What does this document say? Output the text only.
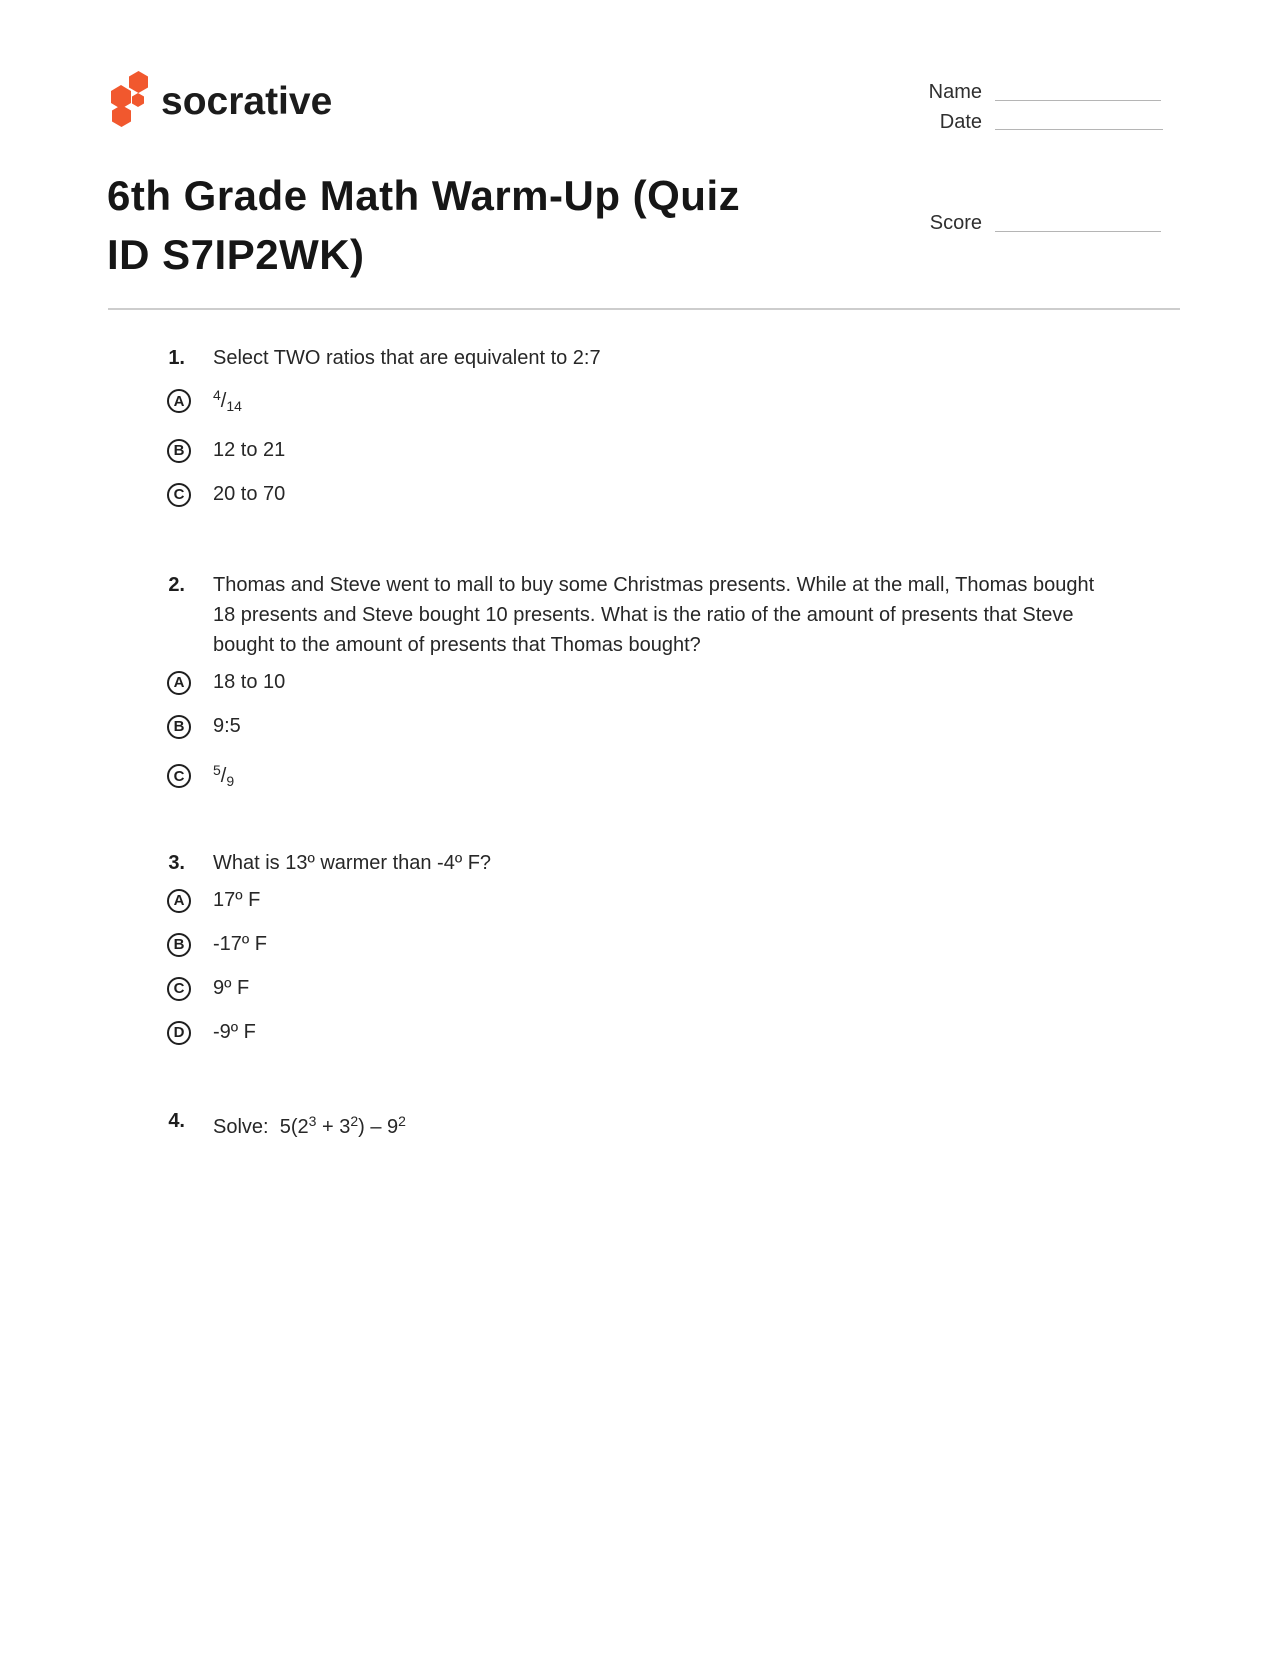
socrative	Name
Date
Score
6th Grade Math Warm-Up (Quiz
ID S7IP2WK)
1. Select TWO ratios that are equivalent to 2:7
A	$^4/_{14}$
B	12 to 21
C	20 to 70
2. Thomas and Steve went to mall to buy some Christmas presents. While at the mall, Thomas bought 18 presents and Steve bought 10 presents. What is the ratio of the amount of presents that Steve bought to the amount of presents that Thomas bought?
A	18 to 10
B	9:5
C	$^5/_9$
3. What is 13º warmer than -4º F?
A	17º F
B	-17º F
C	9º F
D	-9º F
4. Solve:  $5(2^3 + 3^2) - 9^2$
